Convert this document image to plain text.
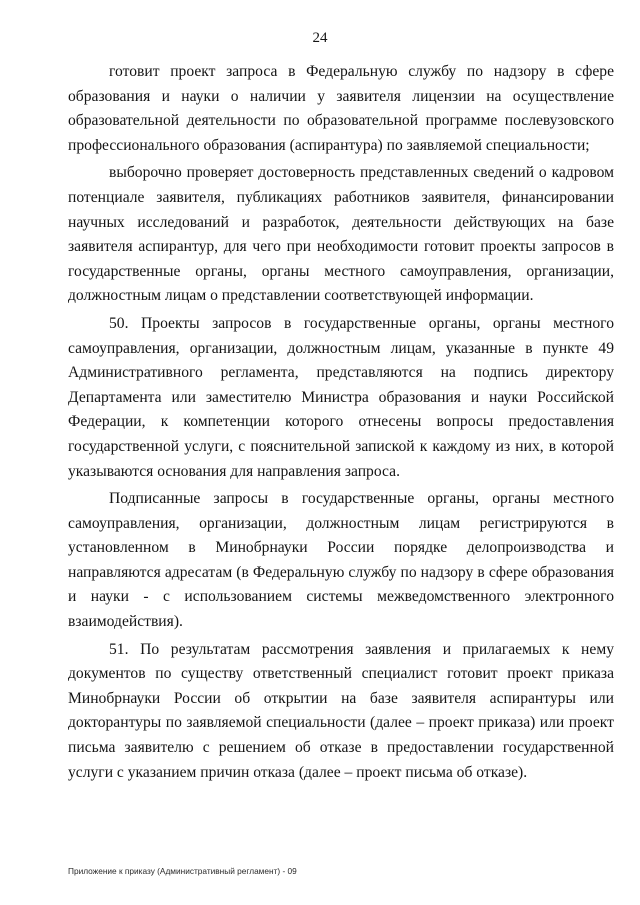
24

готовит проект запроса в Федеральную службу по надзору в сфере образования и науки о наличии у заявителя лицензии на осуществление образовательной деятельности по образовательной программе послевузовского профессионального образования (аспирантура) по заявляемой специальности;

выборочно проверяет достоверность представленных сведений о кадровом потенциале заявителя, публикациях работников заявителя, финансировании научных исследований и разработок, деятельности действующих на базе заявителя аспирантур, для чего при необходимости готовит проекты запросов в государственные органы, органы местного самоуправления, организации, должностным лицам о представлении соответствующей информации.

50. Проекты запросов в государственные органы, органы местного самоуправления, организации, должностным лицам, указанные в пункте 49 Административного регламента, представляются на подпись директору Департамента или заместителю Министра образования и науки Российской Федерации, к компетенции которого отнесены вопросы предоставления государственной услуги, с пояснительной запиской к каждому из них, в которой указываются основания для направления запроса.

Подписанные запросы в государственные органы, органы местного самоуправления, организации, должностным лицам регистрируются в установленном в Минобрнауки России порядке делопроизводства и направляются адресатам (в Федеральную службу по надзору в сфере образования и науки - с использованием системы межведомственного электронного взаимодействия).

51. По результатам рассмотрения заявления и прилагаемых к нему документов по существу ответственный специалист готовит проект приказа Минобрнауки России об открытии на базе заявителя аспирантуры или докторантуры по заявляемой специальности (далее – проект приказа) или проект письма заявителю с решением об отказе в предоставлении государственной услуги с указанием причин отказа (далее – проект письма об отказе).

Приложение к приказу (Административный регламент) - 09
